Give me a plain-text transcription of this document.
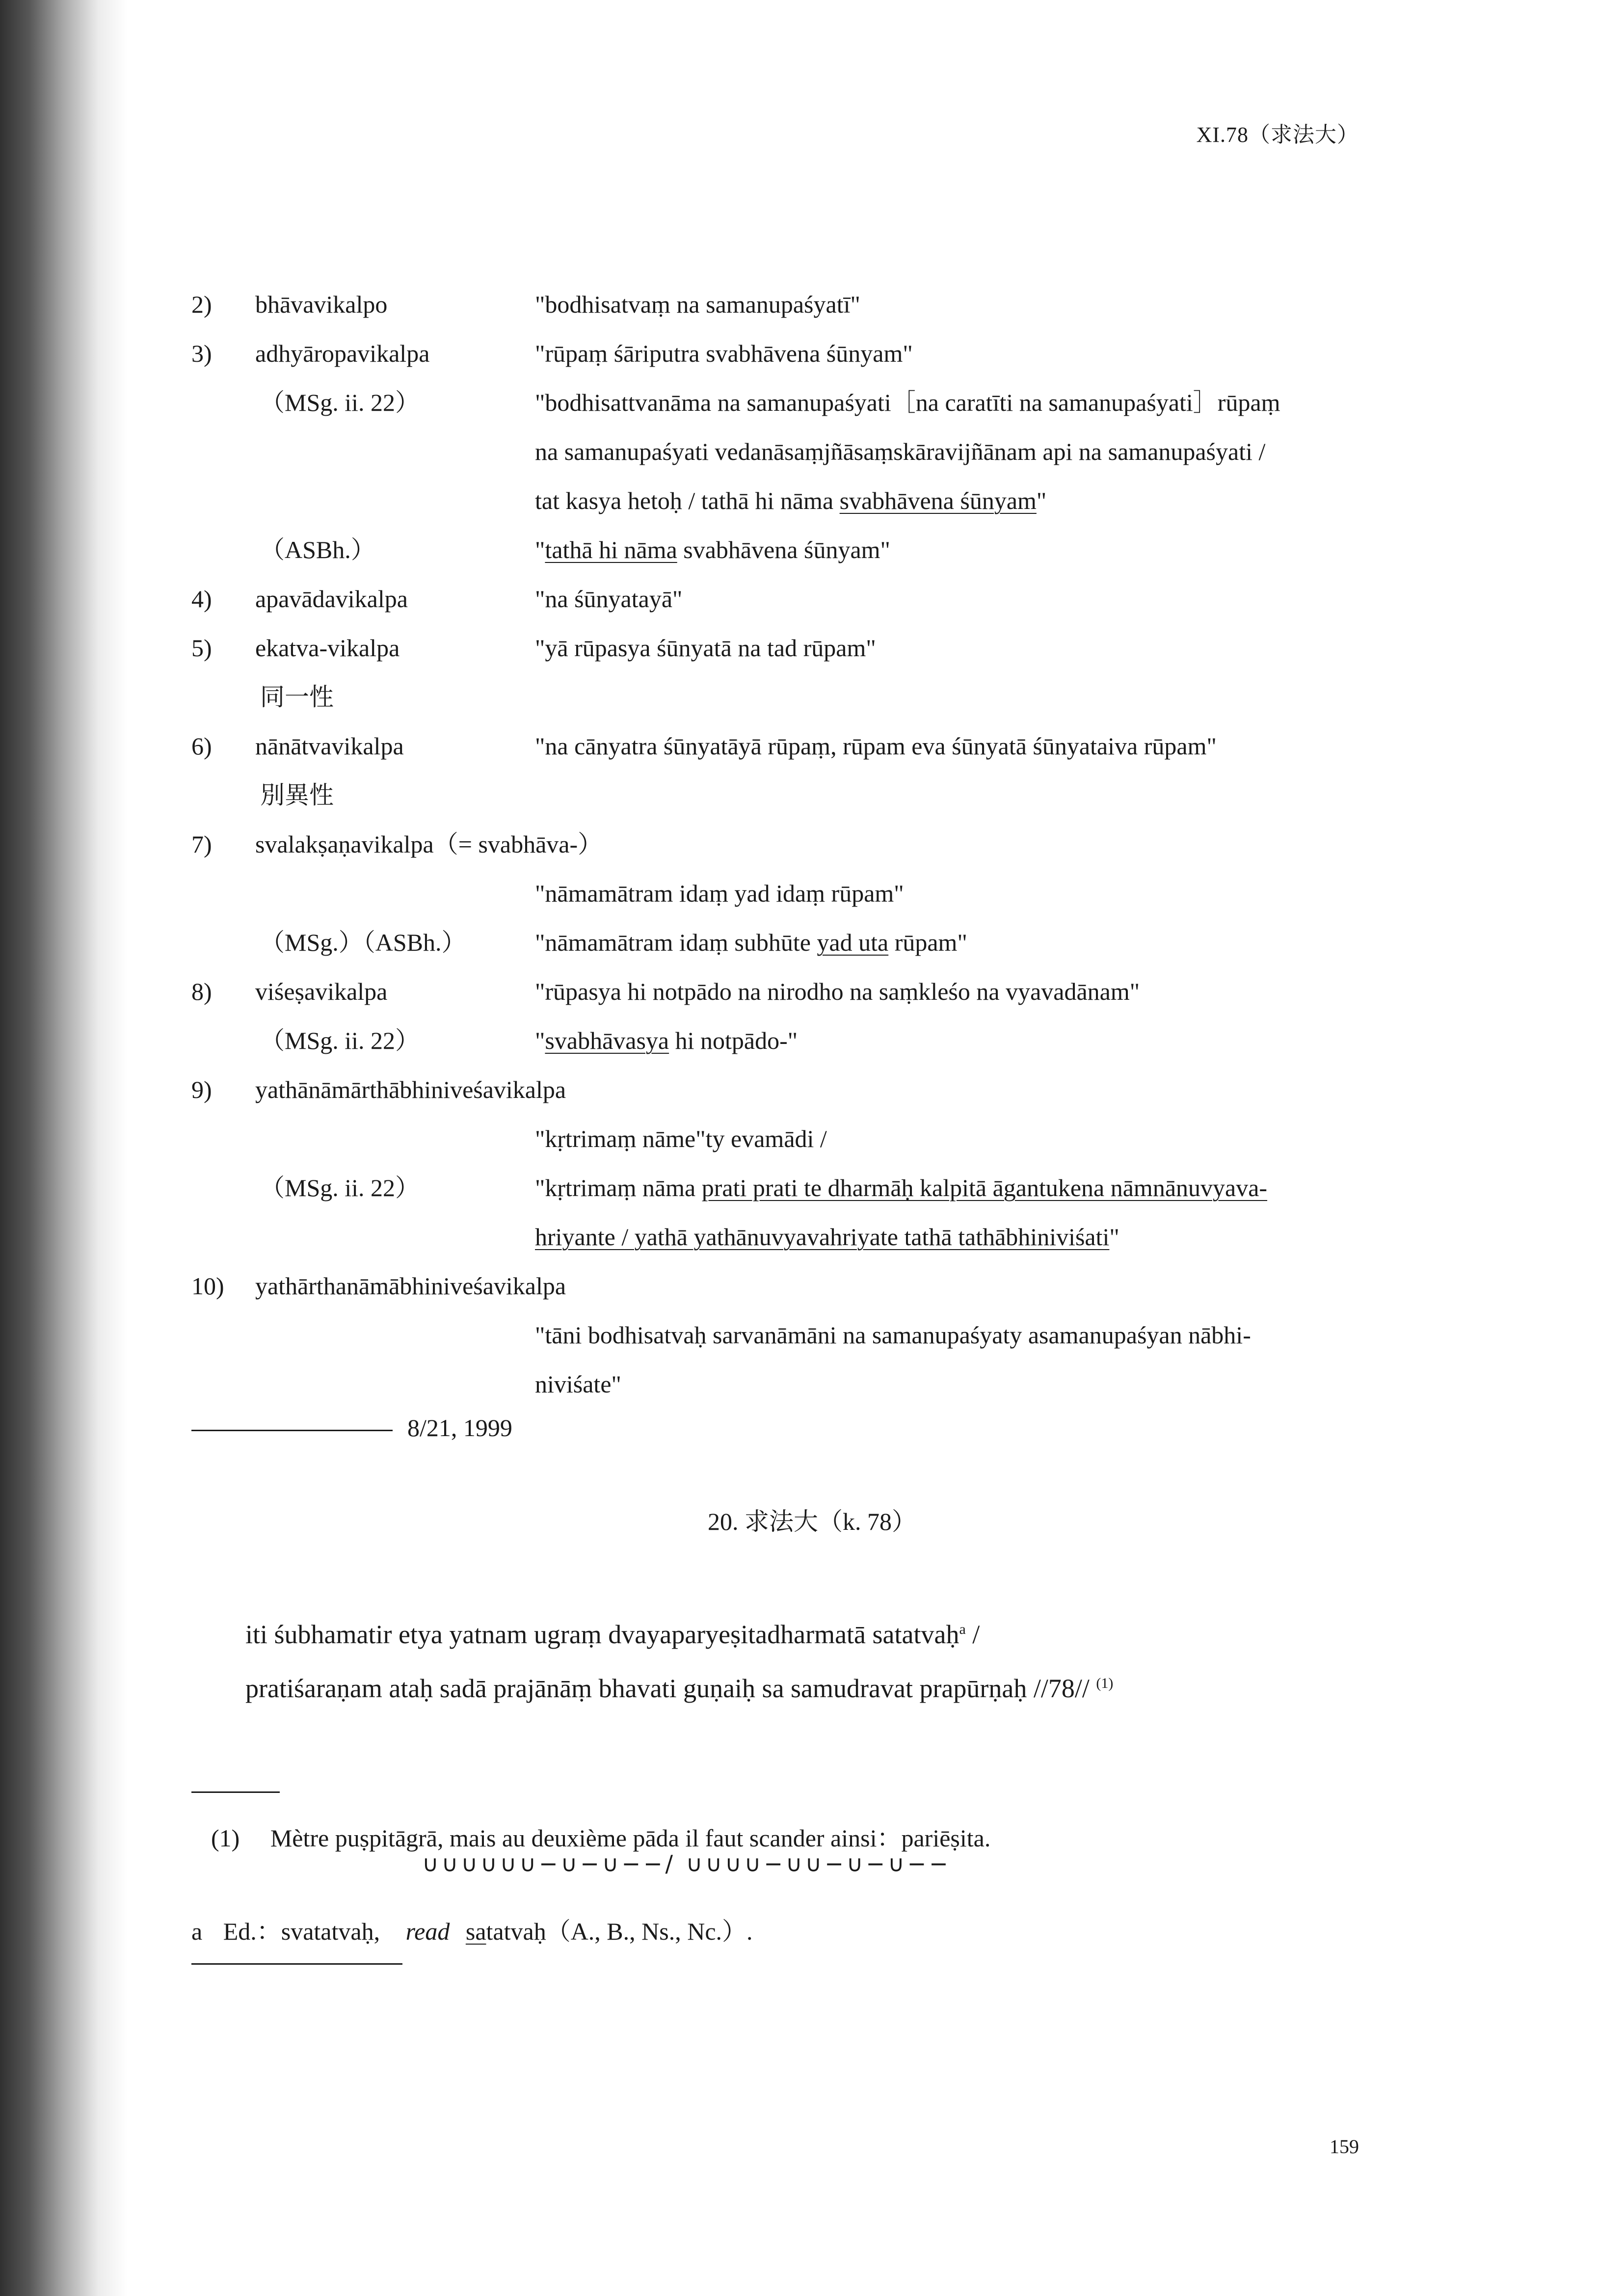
XI.78（求法大）
2) bhāvavikalpo	"bodhisatvaṃ na samanupaśyatī"
3) adhyāropavikalpa	"rūpaṃ śāriputra svabhāvena śūnyam"
（MSg. ii. 22）	"bodhisattvanāma na samanupaśyati［na caratīti na samanupaśyati］rūpaṃ
na samanupaśyati vedanāsaṃjñāsaṃskāravijñānam api na samanupaśyati /
tat kasya hetoḥ / tathā hi nāma svabhāvena śūnyam"
（ASBh.）	"tathā hi nāma svabhāvena śūnyam"
4) apavādavikalpa	"na śūnyatayā"
5) ekatva-vikalpa	"yā rūpasya śūnyatā na tad rūpam"
同一性
6) nānātvavikalpa	"na cānyatra śūnyatāyā rūpaṃ, rūpam eva śūnyatā śūnyataiva rūpam"
別異性
7) svalakṣaṇavikalpa（= svabhāva-）
"nāmamātram idaṃ yad idaṃ rūpam"
（MSg.）（ASBh.）	"nāmamātram idaṃ subhūte yad uta rūpam"
8) viśeṣavikalpa	"rūpasya hi notpādo na nirodho na saṃkleśo na vyavadānam"
（MSg. ii. 22）	"svabhāvasya hi notpādo-"
9) yathānāmārthābhiniveśavikalpa
"kṛtrimaṃ nāme"ty evamādi /
（MSg. ii. 22）	"kṛtrimaṃ nāma prati prati te dharmāḥ kalpitā āgantukena nāmnānuvyava-
hriyante / yathā yathānuvyavahriyate tathā tathābhiniviśati"
10) yathārthanāmābhiniveśavikalpa
"tāni bodhisatvaḥ sarvanāmāni na samanupaśyaty asamanupaśyan nābhi-
niviśate"
8/21, 1999
20. 求法大（k. 78）
iti śubhamatir etya yatnam ugraṃ dvayaparyeṣitadharmatā satatvaḥ$^a$ /
pratiśaraṇam ataḥ sadā prajānāṃ bhavati guṇaiḥ sa samudravat prapūrṇaḥ //78// $^{(1)}$
(1) Mètre puṣpitāgrā, mais au deuxième pāda il faut scander ainsi：pariēṣita.
∪∪∪∪∪∪−∪−∪−−/ ∪∪∪∪−∪∪−∪−∪−−
a Ed.：svatatvaḥ, read satatvaḥ（A., B., Ns., Nc.）.
159
